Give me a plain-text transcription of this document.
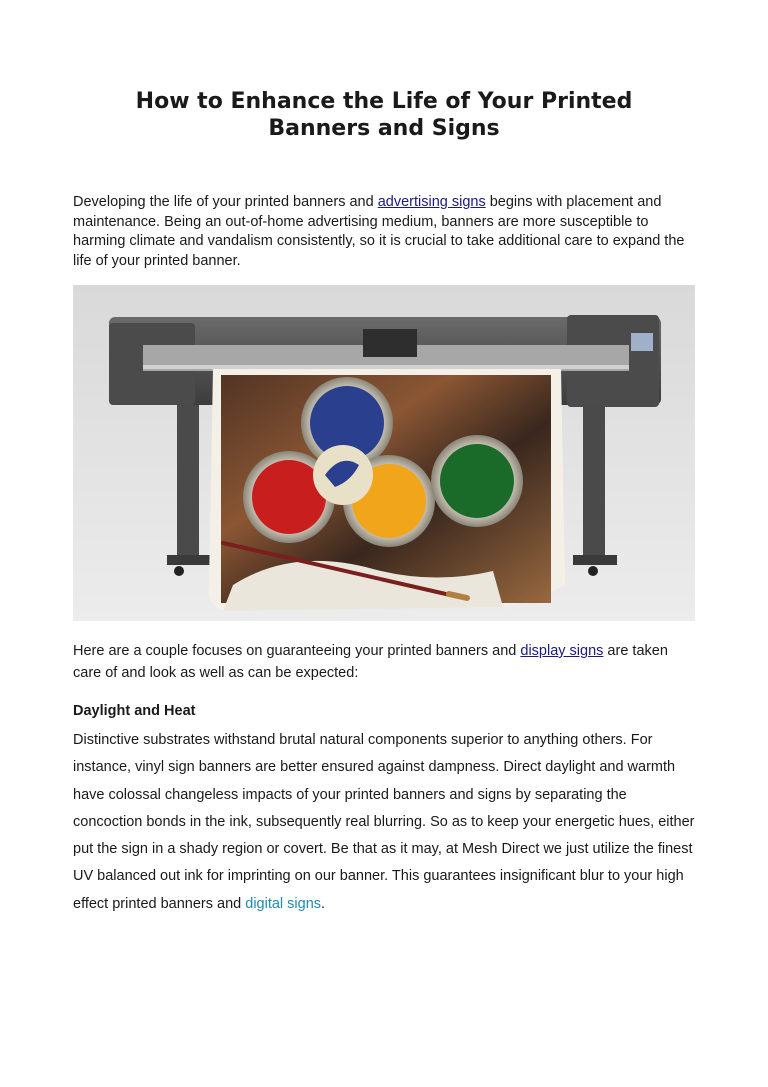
How to Enhance the Life of Your Printed Banners and Signs

Developing the life of your printed banners and advertising signs begins with placement and maintenance. Being an out-of-home advertising medium, banners are more susceptible to harming climate and vandalism consistently, so it is crucial to take additional care to expand the life of your printed banner.

Here are a couple focuses on guaranteeing your printed banners and display signs are taken care of and look as well as can be expected:

Daylight and Heat

Distinctive substrates withstand brutal natural components superior to anything others. For instance, vinyl sign banners are better ensured against dampness. Direct daylight and warmth have colossal changeless impacts of your printed banners and signs by separating the concoction bonds in the ink, subsequently real blurring. So as to keep your energetic hues, either put the sign in a shady region or covert. Be that as it may, at Mesh Direct we just utilize the finest UV balanced out ink for imprinting on our banner. This guarantees insignificant blur to your high effect printed banners and digital signs.
